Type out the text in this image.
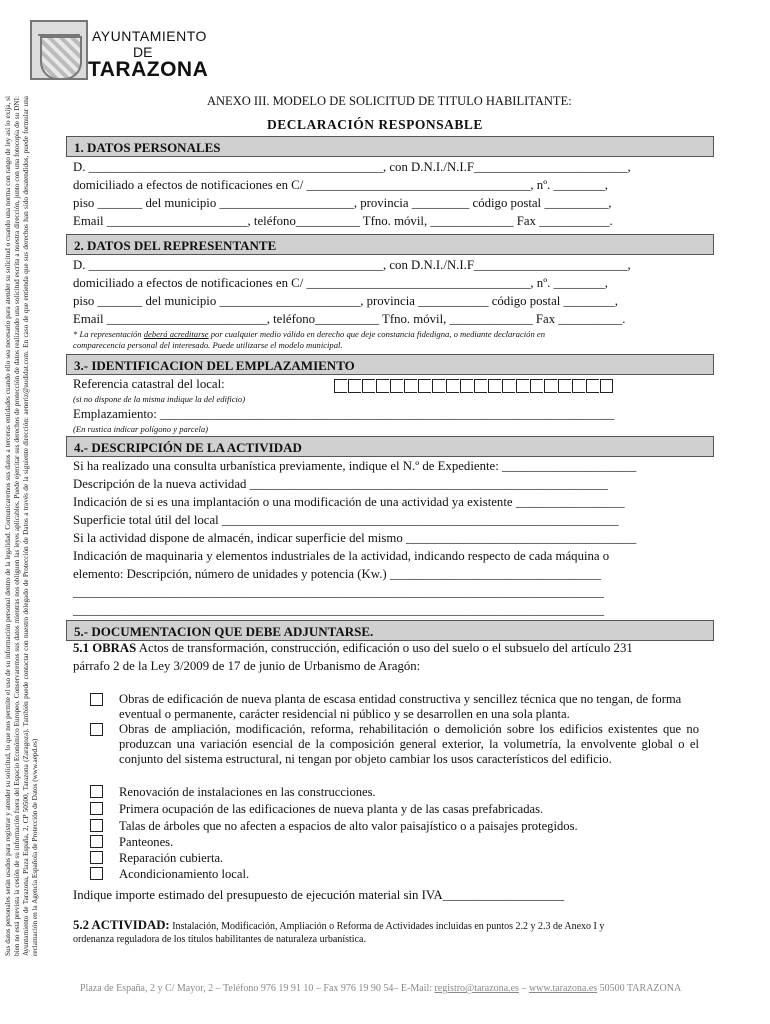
AYUNTAMIENTO
DE
TARAZONA
Sus datos personales serán usados para registrar y atender su solicitud, lo que nos permite el uso de su información personal dentro de la legalidad. Comunicaremos sus datos a terceras entidades cuando ello sea necesario para atender su solicitud o cuando una norma con rango de ley así lo exija, si bien no está prevista la cesión de su información fuera del Espacio Económico Europeo. Conservaremos sus datos mientras nos obliguen las leyes aplicables. Puede ejercitar sus derechos de protección de datos realizando una solicitud escrita a nuestra dirección, junto con una fotocopia de su DNI: Ayuntamiento de Tarazona, Plaza España, 2, CP 50500, Tarazona (Zaragoza). También puede contactar con nuestro delegado de Protección de Datos a través de la siguiente dirección: aeneriz@audidat.com. En caso de que entienda que sus derechos han sido desatendidos, puede formular una reclamación en la Agencia Española de Protección de Datos (www.aepd.es)
ANEXO III. MODELO DE SOLICITUD DE TITULO HABILITANTE:
DECLARACIÓN RESPONSABLE
1. DATOS PERSONALES
D. ______________________________________________, con D.N.I./N.I.F________________________,
domiciliado a efectos de notificaciones en C/ ___________________________________, nº. ________,
piso _______ del municipio _____________________, provincia _________ código postal __________,
Email ______________________, teléfono__________ Tfno. móvil, _____________ Fax ___________.
2. DATOS DEL REPRESENTANTE
D. ______________________________________________, con D.N.I./N.I.F________________________,
domiciliado a efectos de notificaciones en C/ ___________________________________, nº. ________,
piso _______ del municipio ______________________, provincia ___________ código postal ________,
Email _________________________, teléfono__________ Tfno. móvil, _____________ Fax __________.
* La representación deberá acreditarse por cualquier medio válido en derecho que deje constancia fidedigna, o mediante declaración en
comparecencia personal del interesado. Puede utilizarse el modelo municipal.
3.- IDENTIFICACION DEL EMPLAZAMIENTO
Referencia catastral del local:
(si no dispone de la misma indique la del edificio)
Emplazamiento: _______________________________________________________________________
(En rustica indicar polígono y parcela)
4.- DESCRIPCIÓN DE LA ACTIVIDAD
Si ha realizado una consulta urbanística previamente, indique el N.º de Expediente: _____________________
Descripción de la nueva actividad ________________________________________________________
Indicación de si es una implantación o una modificación de una actividad ya existente _________________
Superficie total útil del local ______________________________________________________________
Si la actividad dispone de almacén, indicar superficie del mismo ____________________________________
Indicación de maquinaria y elementos industriales de la actividad, indicando respecto de cada máquina o
elemento: Descripción, número de unidades y potencia (Kw.) _________________________________
___________________________________________________________________________________
___________________________________________________________________________________
5.- DOCUMENTACION QUE DEBE ADJUNTARSE.
5.1 OBRAS Actos de transformación, construcción, edificación o uso del suelo o el subsuelo del artículo 231
párrafo 2 de la Ley 3/2009 de 17 de junio de Urbanismo de Aragón:
Obras de edificación de nueva planta de escasa entidad constructiva y sencillez técnica que no tengan, de forma eventual o permanente, carácter residencial ni público y se desarrollen en una sola planta.
Obras de ampliación, modificación, reforma, rehabilitación o demolición sobre los edificios existentes que no produzcan una variación esencial de la composición general exterior, la volumetría, la envolvente global o el conjunto del sistema estructural, ni tengan por objeto cambiar los usos característicos del edificio.
Renovación de instalaciones en las construcciones.
Primera ocupación de las edificaciones de nueva planta y de las casas prefabricadas.
Talas de árboles que no afecten a espacios de alto valor paisajístico o a paisajes protegidos.
Panteones.
Reparación cubierta.
Acondicionamiento local.
Indique importe estimado del presupuesto de ejecución material sin IVA___________________
5.2 ACTIVIDAD: Instalación, Modificación, Ampliación o Reforma de Actividades incluidas en puntos 2.2 y 2.3 de Anexo I y
ordenanza reguladora de los títulos habilitantes de naturaleza urbanística.
Plaza de España, 2 y C/ Mayor, 2 – Teléfono 976 19 91 10 – Fax 976 19 90 54– E-Mail: registro@tarazona.es – www.tarazona.es 50500 TARAZONA
